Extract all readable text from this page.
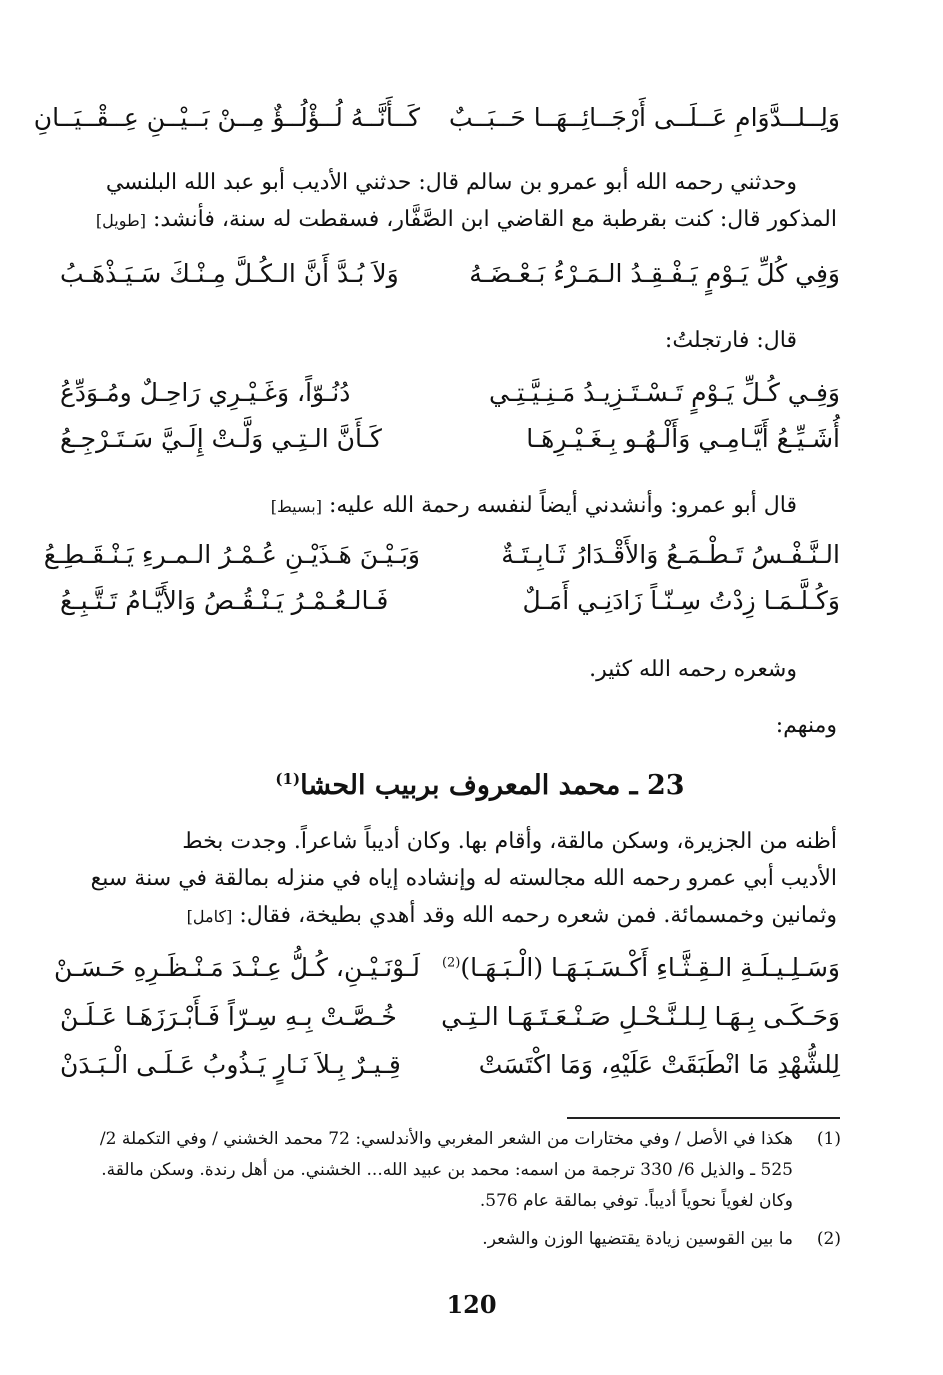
وَلِــلــدَّوَامِ عَــلَــى أَرْجَــائِــهَــا حَــبَــبٌ
كَــأَنَّــهُ لُــؤْلُــؤٌ مِــنْ بَــيْــنِ عِــقْــيَــانِ
وحدثني رحمه الله أبو عمرو بن سالم قال: حدثني الأديب أبو عبد الله البلنسي
المذكور قال: كنت بقرطبة مع القاضي ابن الصَّفَّار، فسقطت له سنة، فأنشد: [طويل]
وَفِي كُلِّ يَـوْمٍ يَـفْـقِـدُ الـمَـرْءُ بَـعْـضَـهُ
وَلاَ بُـدَّ أَنَّ الـكُـلَّ مِـنْـكَ سَـيَـذْهَـبُ
قال: فارتجلتُ:
وَفِـي كُـلِّ يَـوْمٍ تَـسْـتَـزِيـدُ مَـنِـيَّـتِـي
دُنُـوّاً، وَغَـيْـرِي رَاحِـلٌ ومُـوَدِّعُ
أُشَـيِّـعُ أَيَّـامِـي وَأَلْـهُـو بِـغَـيْـرِهَـا
كَـأَنَّ الـتِـي وَلَّـتْ إِلَـيَّ سَـتَـرْجِـعُ
قال أبو عمرو: وأنشدني أيضاً لنفسه رحمة الله عليه: [بسيط]
الـنَّـفْـسُ تَـطْـمَـعُ وَالأَقْـدَارُ ثَـابِـتَـةٌ
وَبَـيْـنَ هَـذَيْـنِ عُـمْـرُ الـمـرءِ يَـنْـقَـطِـعُ
وَكُـلَّـمَـا زِدْتُ سِـنّـاً زَادَنِـي أَمَـلٌ
فَـالـعُـمْـرُ يَـنْـقُـصُ وَالأَيَّـامُ تَـتَّـبِـعُ
وشعره رحمه الله كثير.
ومنهم:
23 ـ محمد المعروف بربيب الحشا$^{(1)}$
أظنه من الجزيرة، وسكن مالقة، وأقام بها. وكان أديباً شاعراً. وجدت بخط
الأديب أبي عمرو رحمه الله مجالسته له وإنشاده إياه في منزله بمالقة في سنة سبع
وثمانين وخمسمائة. فمن شعره رحمه الله وقد أهدي بطيخة، فقال: [كامل]
وَسَـلِـيـلَـةِ الـقِـثَّـاءِ أَكْـسَـبَـهَـا (الْـبَـهَـا)$^{(2)}$
لَـوْنَـيْـنِ، كُـلُّ عِـنْـدَ مَـنْـظَـرِهِ حَـسَـنْ
وَحَـكَـى بِـهَـا لِـلـنَّـحْـلِ صَـنْـعَـتَـهَـا الـتِـي
خُـصَّـتْ بِـهِ سِـرّاً فَـأَبْـرَزَهَـا عَـلَـنْ
لِلشُّهْدِ مَا انْطَبَقَتْ عَلَيْهِ، وَمَا اكْتَسَتْ
قِـيـرٌ بِـلاَ نَـارٍ يَـذُوبُ عَـلَـى الْـبَـدَنْ
(1)
هكذا في الأصل / وفي مختارات من الشعر المغربي والأندلسي: 72 محمد الخشني / وفي التكملة 2/
525 ـ والذيل 6/ 330 ترجمة من اسمه: محمد بن عبيد الله... الخشني. من أهل رندة. وسكن مالقة.
وكان لغوياً نحوياً أديباً. توفي بمالقة عام 576.
(2)
ما بين القوسين زيادة يقتضيها الوزن والشعر.
120
